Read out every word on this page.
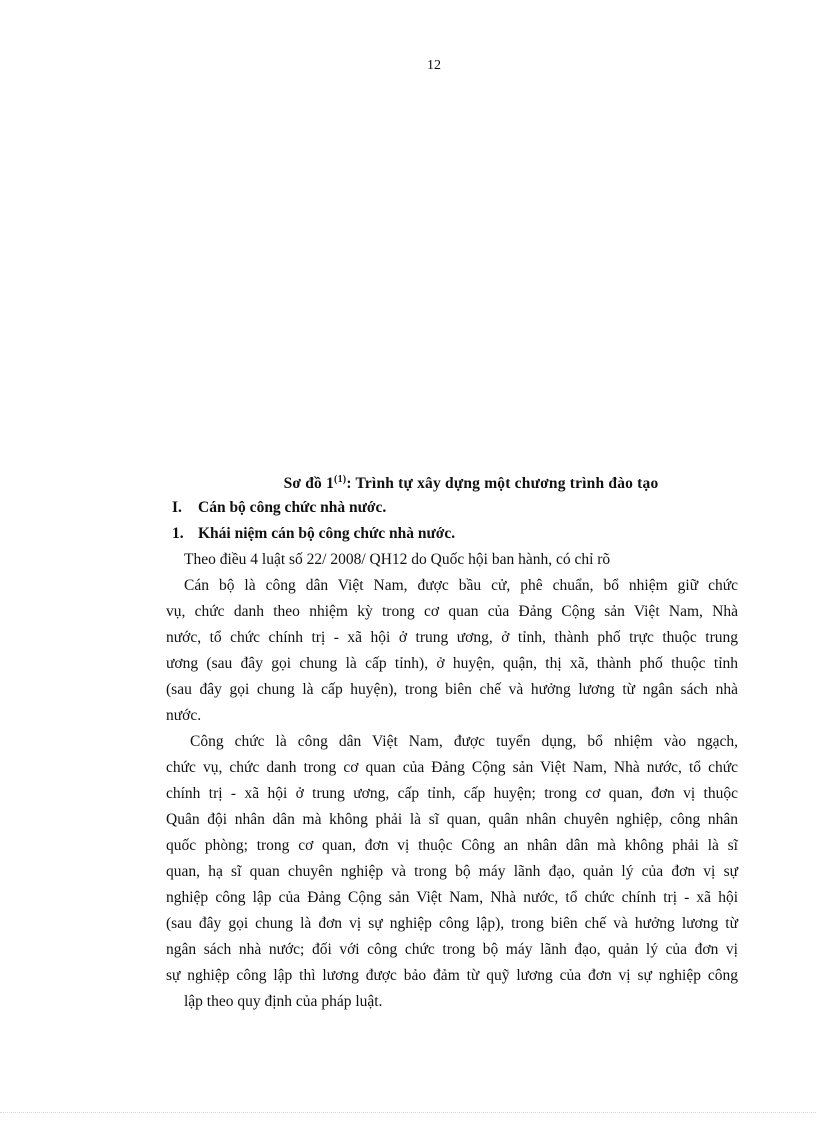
12
Sơ đồ 1$^{(1)}$: Trình tự xây dựng một chương trình đào tạo
I. Cán bộ công chức nhà nước.
1. Khái niệm cán bộ công chức nhà nước.
Theo điều 4 luật số 22/ 2008/ QH12 do Quốc hội ban hành, có chỉ rõ
Cán bộ là công dân Việt Nam, được bầu cử, phê chuẩn, bổ nhiệm giữ chức
vụ, chức danh theo nhiệm kỳ trong cơ quan của Đảng Cộng sản Việt Nam, Nhà
nước, tổ chức chính trị - xã hội ở trung ương, ở tỉnh, thành phố trực thuộc trung
ương (sau đây gọi chung là cấp tỉnh), ở huyện, quận, thị xã, thành phố thuộc tỉnh
(sau đây gọi chung là cấp huyện), trong biên chế và hưởng lương từ ngân sách nhà
nước.
Công chức là công dân Việt Nam, được tuyển dụng, bổ nhiệm vào ngạch,
chức vụ, chức danh trong cơ quan của Đảng Cộng sản Việt Nam, Nhà nước, tổ chức
chính trị - xã hội ở trung ương, cấp tỉnh, cấp huyện; trong cơ quan, đơn vị thuộc
Quân đội nhân dân mà không phải là sĩ quan, quân nhân chuyên nghiệp, công nhân
quốc phòng; trong cơ quan, đơn vị thuộc Công an nhân dân mà không phải là sĩ
quan, hạ sĩ quan chuyên nghiệp và trong bộ máy lãnh đạo, quản lý của đơn vị sự
nghiệp công lập của Đảng Cộng sản Việt Nam, Nhà nước, tổ chức chính trị - xã hội
(sau đây gọi chung là đơn vị sự nghiệp công lập), trong biên chế và hưởng lương từ
ngân sách nhà nước; đối với công chức trong bộ máy lãnh đạo, quản lý của đơn vị
sự nghiệp công lập thì lương được bảo đảm từ quỹ lương của đơn vị sự nghiệp công
lập theo quy định của pháp luật.
